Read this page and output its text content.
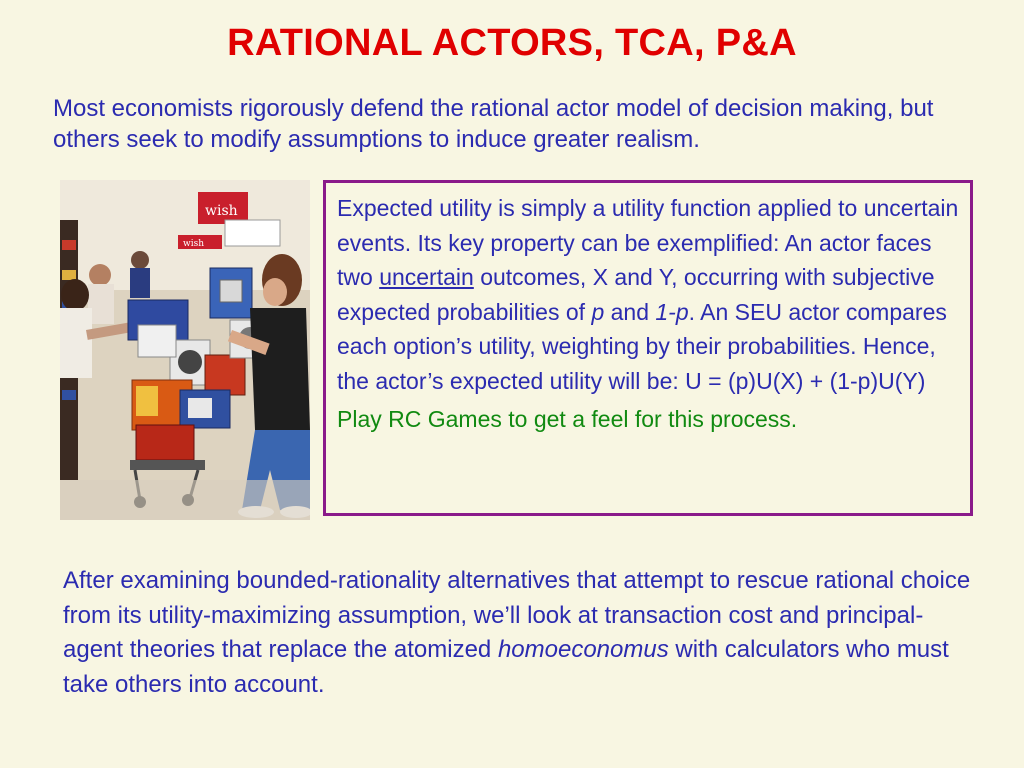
RATIONAL ACTORS, TCA, P&A
Most economists rigorously defend the rational actor model of decision making, but others seek to modify assumptions to induce greater realism.
wish
wish

Expected utility is simply a utility function applied to uncertain events. Its key property can be exemplified: An actor faces two uncertain outcomes, X and Y, occurring with subjective expected probabilities of p and 1-p. An SEU actor compares each option’s utility, weighting by their probabilities. Hence, the actor’s expected utility will be: U = (p)U(X) + (1-p)U(Y)

Play RC Games to get a feel for this process.

After examining bounded-rationality alternatives that attempt to rescue rational choice from its utility-maximizing assumption, we’ll look at transaction cost and principal-agent theories that replace the atomized homoeconomus with calculators who must take others into account.
